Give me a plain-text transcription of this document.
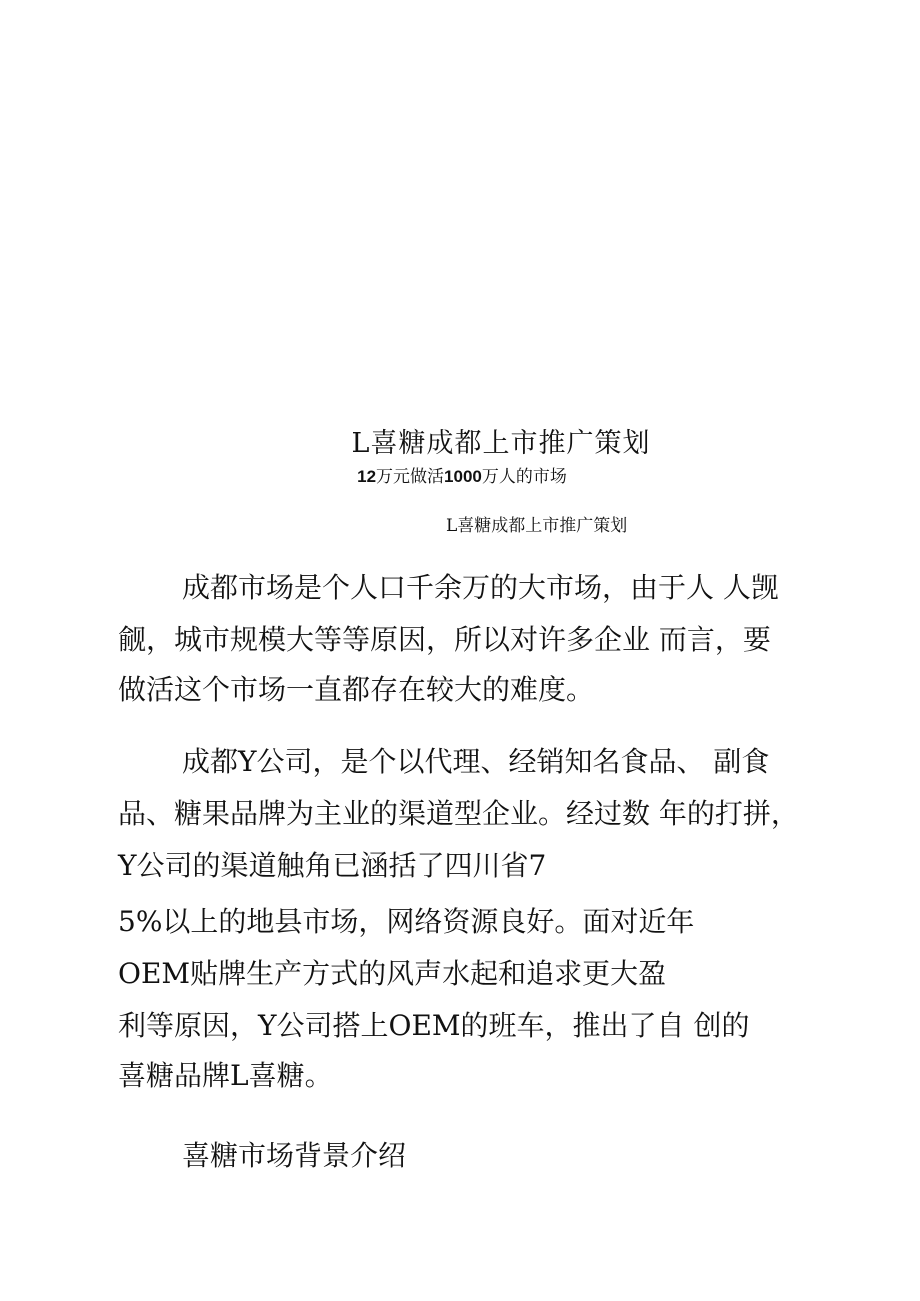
L喜糖成都上市推广策划
12万元做活1000万人的市场
L喜糖成都上市推广策划
成都市场是个人口千余万的大市场，由于人 人觊
觎，城市规模大等等原因，所以对许多企业 而言，要
做活这个市场一直都存在较大的难度。
成都Y公司，是个以代理、经销知名食品、 副食
品、糖果品牌为主业的渠道型企业。经过数 年的打拼，
Y公司的渠道触角已涵括了四川省7
5%以上的地县市场，网络资源良好。面对近年
OEM贴牌生产方式的风声水起和追求更大盈
利等原因，Y公司搭上OEM的班车，推出了自 创的
喜糖品牌L喜糖。
喜糖市场背景介绍
